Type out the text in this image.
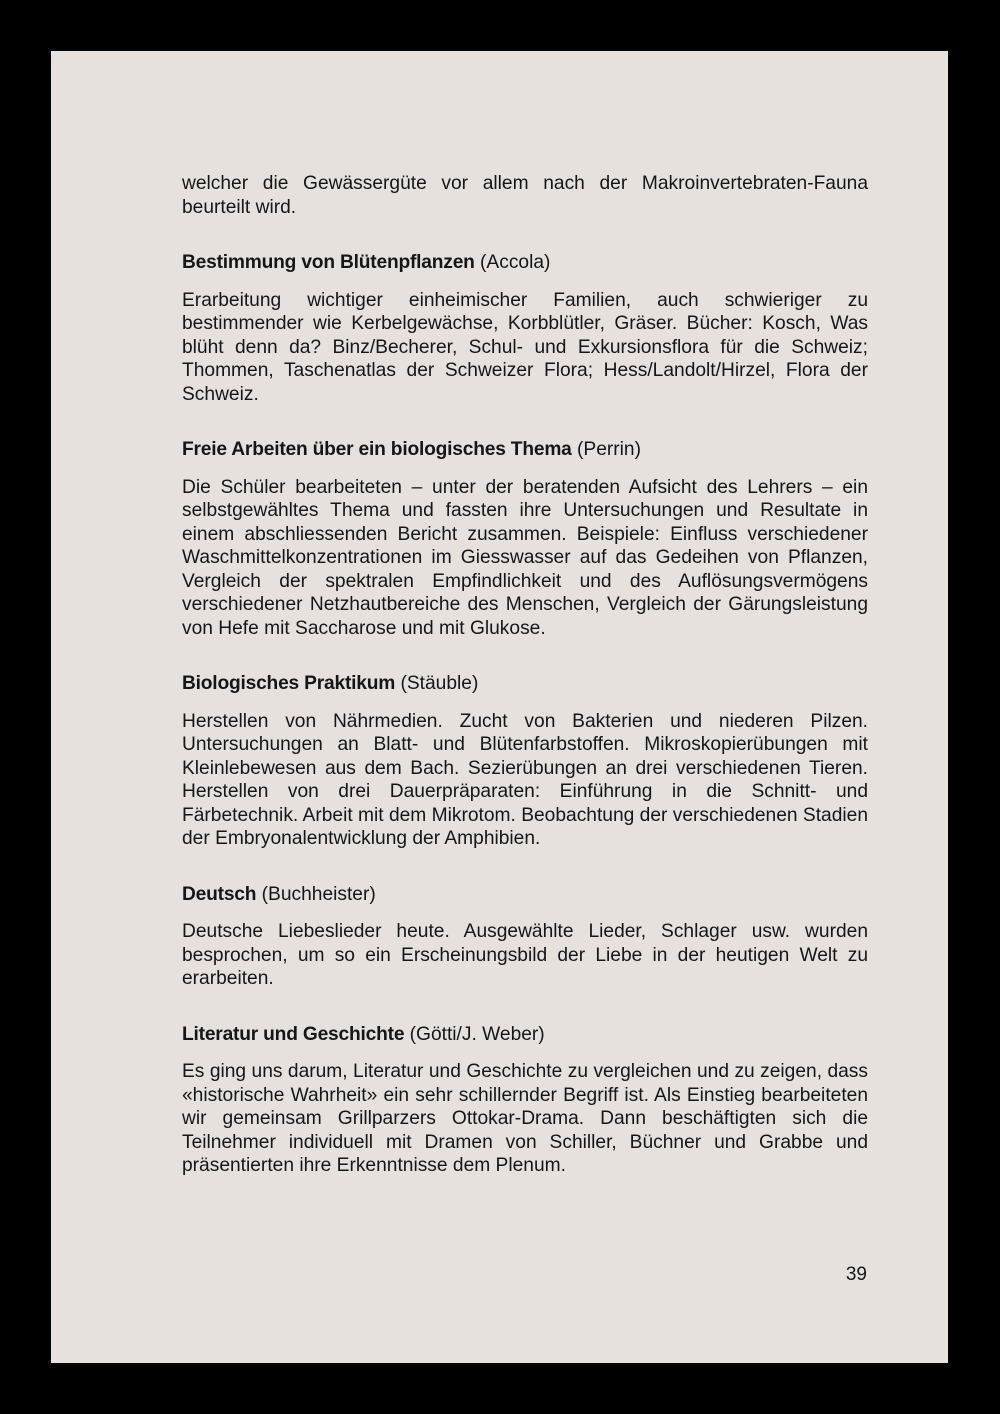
welcher die Gewässergüte vor allem nach der Makroinvertebraten-Fauna beurteilt wird.

Bestimmung von Blütenpflanzen (Accola)

Erarbeitung wichtiger einheimischer Familien, auch schwieriger zu bestimmender wie Kerbelgewächse, Korbblütler, Gräser. Bücher: Kosch, Was blüht denn da? Binz/Becherer, Schul- und Exkursionsflora für die Schweiz; Thommen, Taschenatlas der Schweizer Flora; Hess/Landolt/Hirzel, Flora der Schweiz.

Freie Arbeiten über ein biologisches Thema (Perrin)

Die Schüler bearbeiteten – unter der beratenden Aufsicht des Lehrers – ein selbstgewähltes Thema und fassten ihre Untersuchungen und Resultate in einem abschliessenden Bericht zusammen. Beispiele: Einfluss verschiedener Waschmittelkonzentrationen im Giesswasser auf das Gedeihen von Pflanzen, Vergleich der spektralen Empfindlichkeit und des Auflösungsvermögens verschiedener Netzhautbereiche des Menschen, Vergleich der Gärungsleistung von Hefe mit Saccharose und mit Glukose.

Biologisches Praktikum (Stäuble)

Herstellen von Nährmedien. Zucht von Bakterien und niederen Pilzen. Untersuchungen an Blatt- und Blütenfarbstoffen. Mikroskopierübungen mit Kleinlebewesen aus dem Bach. Sezierübungen an drei verschiedenen Tieren. Herstellen von drei Dauerpräparaten: Einführung in die Schnitt- und Färbetechnik. Arbeit mit dem Mikrotom. Beobachtung der verschiedenen Stadien der Embryonalentwicklung der Amphibien.

Deutsch (Buchheister)

Deutsche Liebeslieder heute. Ausgewählte Lieder, Schlager usw. wurden besprochen, um so ein Erscheinungsbild der Liebe in der heutigen Welt zu erarbeiten.

Literatur und Geschichte (Götti/J. Weber)

Es ging uns darum, Literatur und Geschichte zu vergleichen und zu zeigen, dass «historische Wahrheit» ein sehr schillernder Begriff ist. Als Einstieg bearbeiteten wir gemeinsam Grillparzers Ottokar-Drama. Dann beschäftigten sich die Teilnehmer individuell mit Dramen von Schiller, Büchner und Grabbe und präsentierten ihre Erkenntnisse dem Plenum.

39
